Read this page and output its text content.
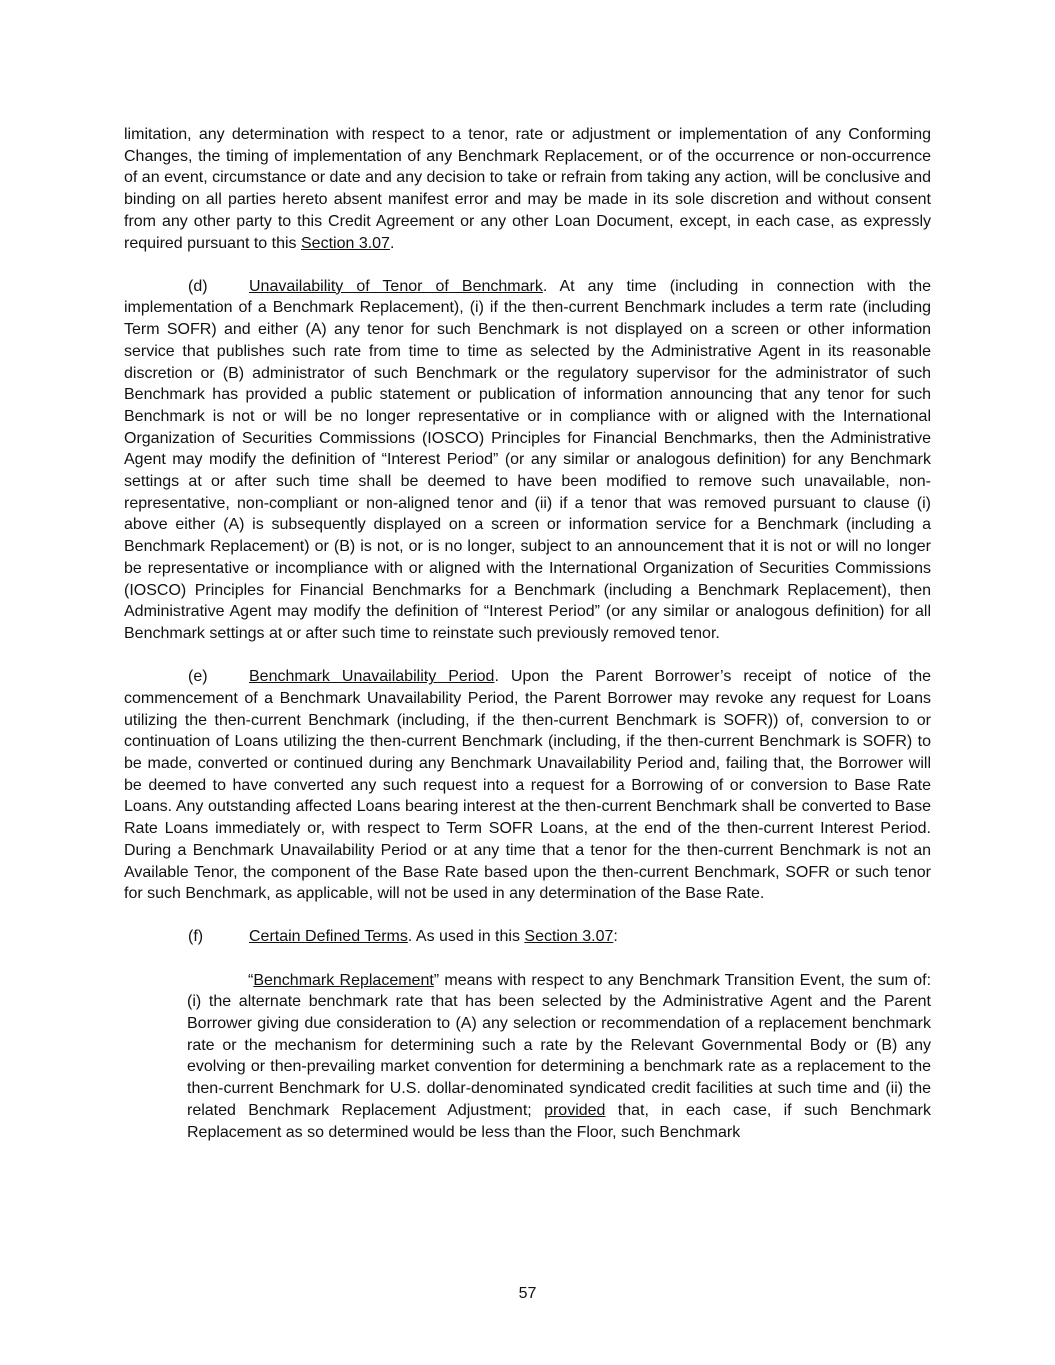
limitation, any determination with respect to a tenor, rate or adjustment or implementation of any Conforming Changes, the timing of implementation of any Benchmark Replacement, or of the occurrence or non-occurrence of an event, circumstance or date and any decision to take or refrain from taking any action, will be conclusive and binding on all parties hereto absent manifest error and may be made in its sole discretion and without consent from any other party to this Credit Agreement or any other Loan Document, except, in each case, as expressly required pursuant to this Section 3.07.

(d)	Unavailability of Tenor of Benchmark. At any time (including in connection with the implementation of a Benchmark Replacement), (i) if the then-current Benchmark includes a term rate (including Term SOFR) and either (A) any tenor for such Benchmark is not displayed on a screen or other information service that publishes such rate from time to time as selected by the Administrative Agent in its reasonable discretion or (B) administrator of such Benchmark or the regulatory supervisor for the administrator of such Benchmark has provided a public statement or publication of information announcing that any tenor for such Benchmark is not or will be no longer representative or in compliance with or aligned with the International Organization of Securities Commissions (IOSCO) Principles for Financial Benchmarks, then the Administrative Agent may modify the definition of “Interest Period” (or any similar or analogous definition) for any Benchmark settings at or after such time shall be deemed to have been modified to remove such unavailable, non-representative, non-compliant or non-aligned tenor and (ii) if a tenor that was removed pursuant to clause (i) above either (A) is subsequently displayed on a screen or information service for a Benchmark (including a Benchmark Replacement) or (B) is not, or is no longer, subject to an announcement that it is not or will no longer be representative or incompliance with or aligned with the International Organization of Securities Commissions (IOSCO) Principles for Financial Benchmarks for a Benchmark (including a Benchmark Replacement), then Administrative Agent may modify the definition of “Interest Period” (or any similar or analogous definition) for all Benchmark settings at or after such time to reinstate such previously removed tenor.

(e)	Benchmark Unavailability Period. Upon the Parent Borrower’s receipt of notice of the commencement of a Benchmark Unavailability Period, the Parent Borrower may revoke any request for Loans utilizing the then-current Benchmark (including, if the then-current Benchmark is SOFR)) of, conversion to or continuation of Loans utilizing the then-current Benchmark (including, if the then-current Benchmark is SOFR) to be made, converted or continued during any Benchmark Unavailability Period and, failing that, the Borrower will be deemed to have converted any such request into a request for a Borrowing of or conversion to Base Rate Loans. Any outstanding affected Loans bearing interest at the then-current Benchmark shall be converted to Base Rate Loans immediately or, with respect to Term SOFR Loans, at the end of the then-current Interest Period. During a Benchmark Unavailability Period or at any time that a tenor for the then-current Benchmark is not an Available Tenor, the component of the Base Rate based upon the then-current Benchmark, SOFR or such tenor for such Benchmark, as applicable, will not be used in any determination of the Base Rate.

(f)	Certain Defined Terms. As used in this Section 3.07:

“Benchmark Replacement” means with respect to any Benchmark Transition Event, the sum of: (i) the alternate benchmark rate that has been selected by the Administrative Agent and the Parent Borrower giving due consideration to (A) any selection or recommendation of a replacement benchmark rate or the mechanism for determining such a rate by the Relevant Governmental Body or (B) any evolving or then-prevailing market convention for determining a benchmark rate as a replacement to the then-current Benchmark for U.S. dollar-denominated syndicated credit facilities at such time and (ii) the related Benchmark Replacement Adjustment; provided that, in each case, if such Benchmark Replacement as so determined would be less than the Floor, such Benchmark

57
